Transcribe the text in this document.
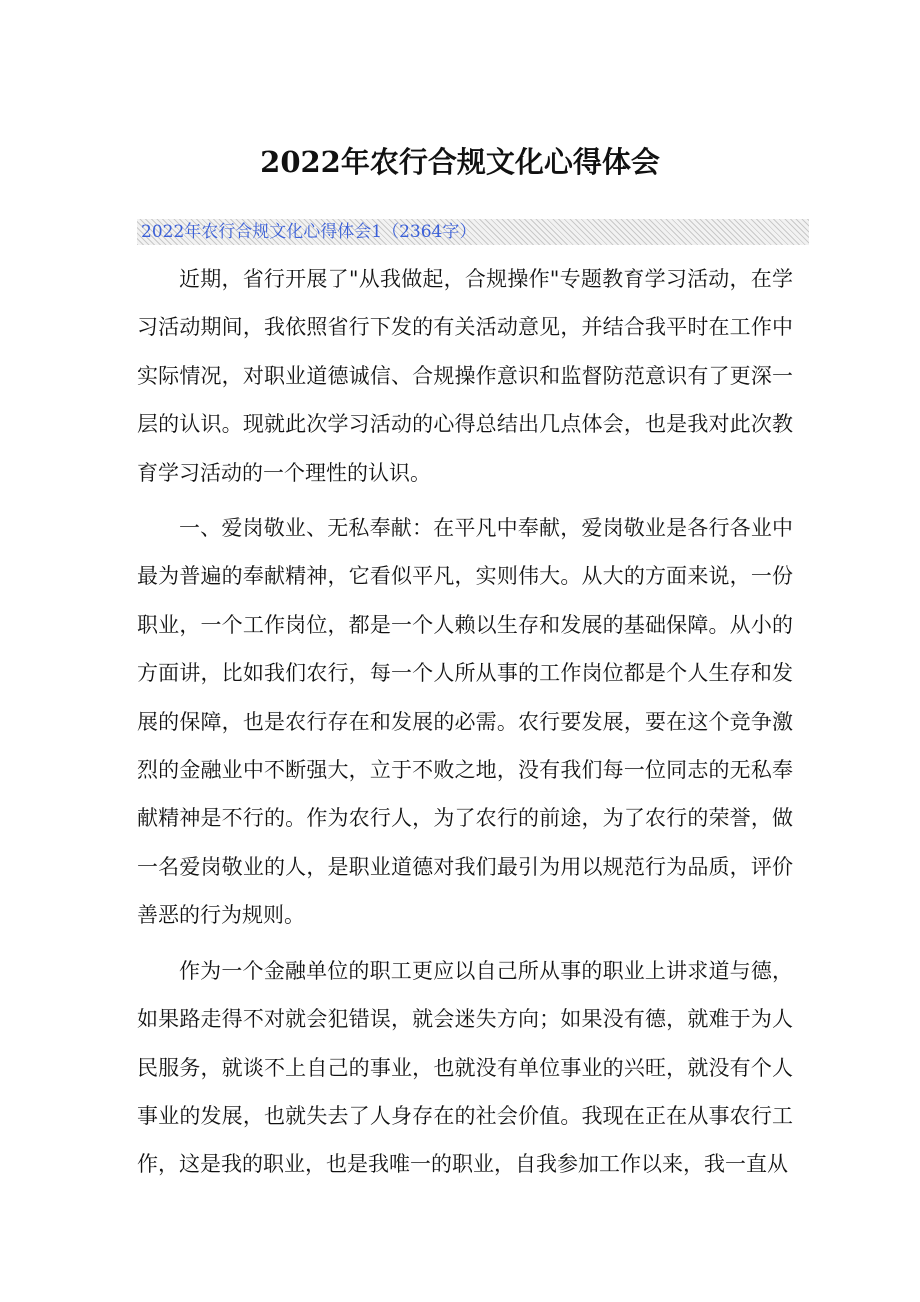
2022年农行合规文化心得体会
2022年农行合规文化心得体会1（2364字）

近期，省行开展了"从我做起，合规操作"专题教育学习活动，在学习活动期间，我依照省行下发的有关活动意见，并结合我平时在工作中实际情况，对职业道德诚信、合规操作意识和监督防范意识有了更深一层的认识。现就此次学习活动的心得总结出几点体会，也是我对此次教育学习活动的一个理性的认识。

一、爱岗敬业、无私奉献：在平凡中奉献，爱岗敬业是各行各业中最为普遍的奉献精神，它看似平凡，实则伟大。从大的方面来说，一份职业，一个工作岗位，都是一个人赖以生存和发展的基础保障。从小的方面讲，比如我们农行，每一个人所从事的工作岗位都是个人生存和发展的保障，也是农行存在和发展的必需。农行要发展，要在这个竞争激烈的金融业中不断强大，立于不败之地，没有我们每一位同志的无私奉献精神是不行的。作为农行人，为了农行的前途，为了农行的荣誉，做一名爱岗敬业的人，是职业道德对我们最引为用以规范行为品质，评价善恶的行为规则。

作为一个金融单位的职工更应以自己所从事的职业上讲求道与德，如果路走得不对就会犯错误，就会迷失方向；如果没有德，就难于为人民服务，就谈不上自己的事业，也就没有单位事业的兴旺，就没有个人事业的发展，也就失去了人身存在的社会价值。我现在正在从事农行工作，这是我的职业，也是我唯一的职业，自我参加工作以来，我一直从
